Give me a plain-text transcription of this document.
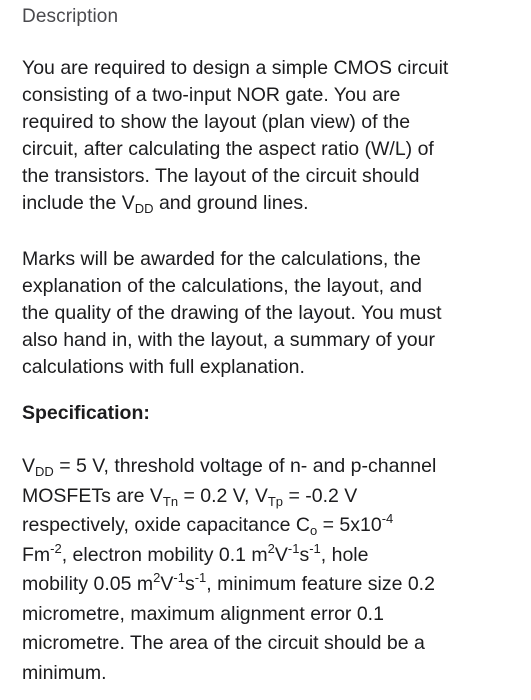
Description
You are required to design a simple CMOS circuit
consisting of a two-input NOR gate. You are
required to show the layout (plan view) of the
circuit, after calculating the aspect ratio (W/L) of
the transistors. The layout of the circuit should
include the $V_{DD}$ and ground lines.
Marks will be awarded for the calculations, the
explanation of the calculations, the layout, and
the quality of the drawing of the layout. You must
also hand in, with the layout, a summary of your
calculations with full explanation.
Specification:
$V_{DD} = 5$ V, threshold voltage of n- and p-channel
MOSFETs are $V_{Tn} = 0.2$ V, $V_{Tp} = -0.2$ V
respectively, oxide capacitance $C_o = 5x10^{-4}$
$Fm^{-2}$, electron mobility 0.1 $m^2V^{-1}s^{-1}$, hole
mobility 0.05 $m^2V^{-1}s^{-1}$, minimum feature size 0.2
micrometre, maximum alignment error 0.1
micrometre. The area of the circuit should be a
minimum.
